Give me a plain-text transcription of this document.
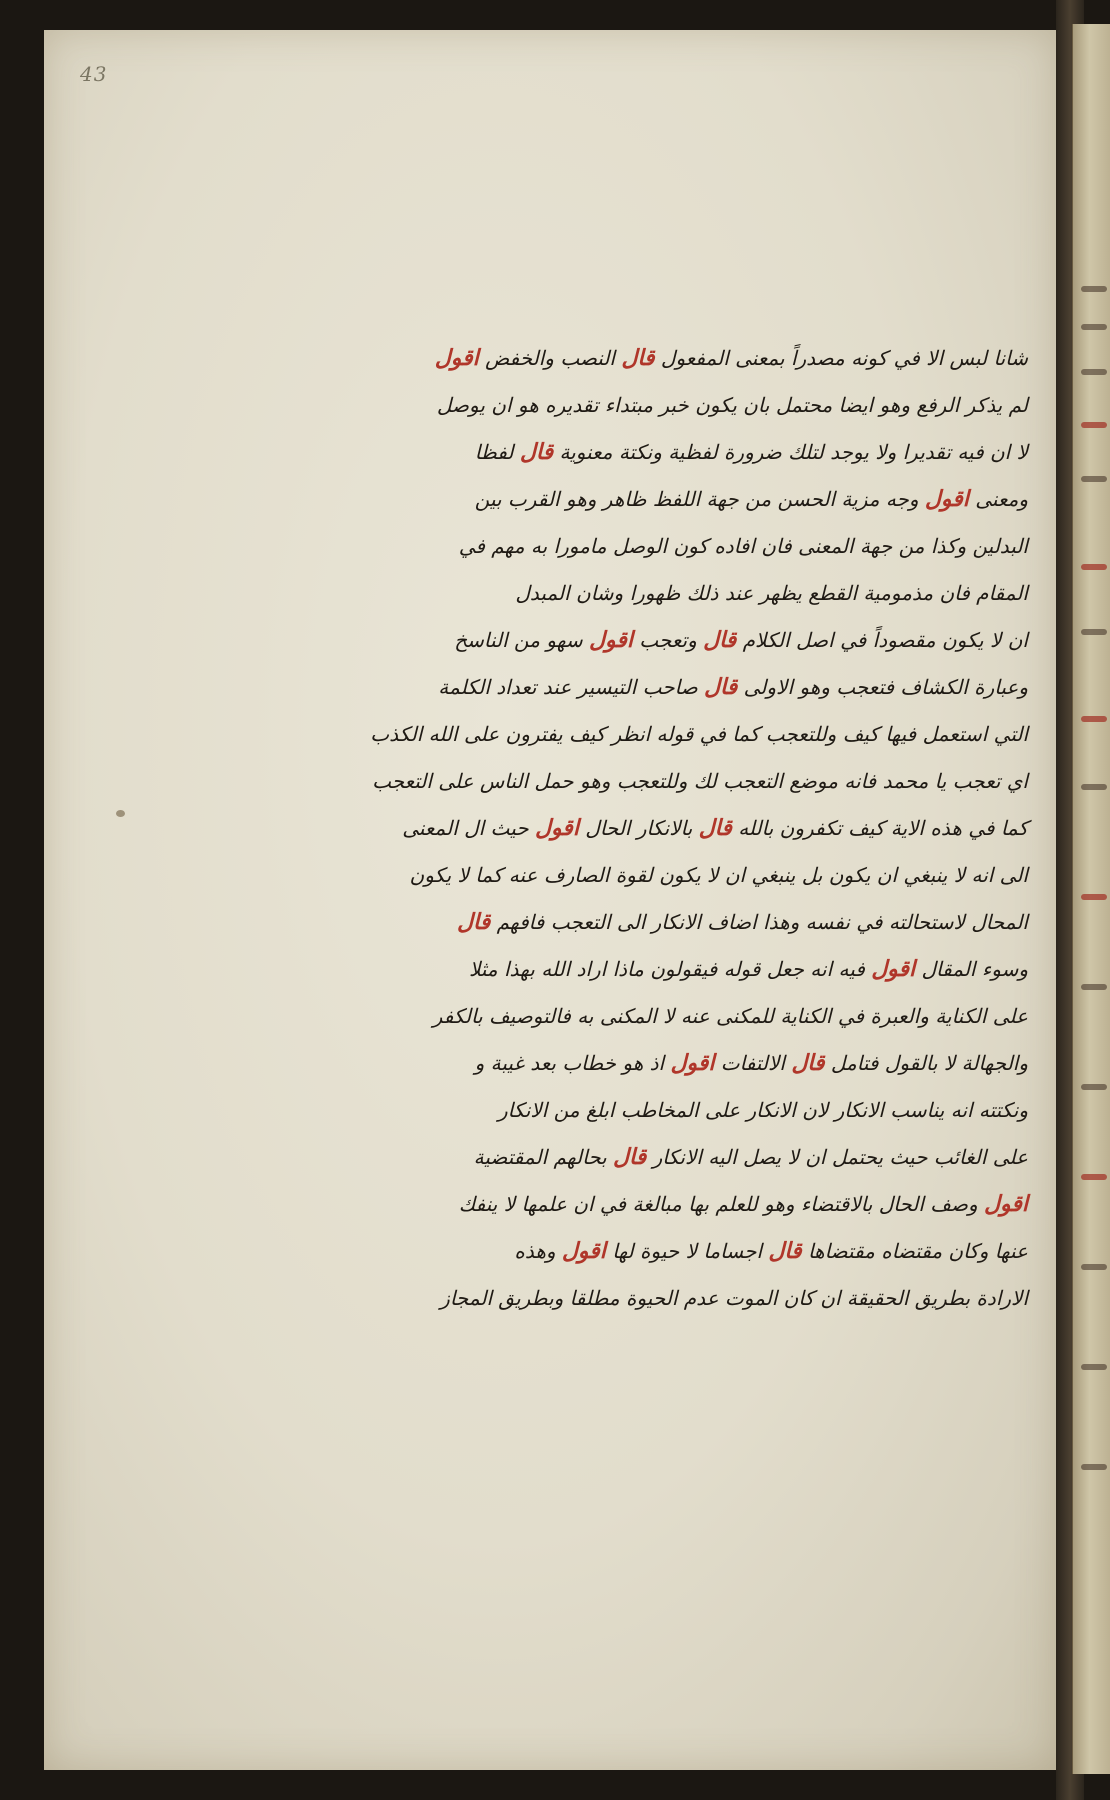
43
شانا لبس الا في كونه مصدراً بمعنى المفعول قال النصب والخفض اقول
لم يذكر الرفع وهو ايضا محتمل بان يكون خبر مبتداء تقديره هو ان يوصل
لا ان فيه تقديرا ولا يوجد لتلك ضرورة لفظية ونكتة معنوية قال لفظا
ومعنى اقول وجه مزية الحسن من جهة اللفظ ظاهر وهو القرب بين
البدلين وكذا من جهة المعنى فان افاده كون الوصل مامورا به مهم في
المقام فان مذمومية القطع يظهر عند ذلك ظهورا وشان المبدل
ان لا يكون مقصوداً في اصل الكلام قال وتعجب اقول سهو من الناسخ
وعبارة الكشاف فتعجب وهو الاولى قال صاحب التيسير عند تعداد الكلمة
التي استعمل فيها كيف وللتعجب كما في قوله انظر كيف يفترون على الله الكذب
اي تعجب يا محمد فانه موضع التعجب لك وللتعجب وهو حمل الناس على التعجب
كما في هذه الاية كيف تكفرون بالله قال بالانكار الحال اقول حيث ال المعنى
الى انه لا ينبغي ان يكون بل ينبغي ان لا يكون لقوة الصارف عنه كما لا يكون
المحال لاستحالته في نفسه وهذا اضاف الانكار الى التعجب فافهم قال
وسوء المقال اقول فيه انه جعل قوله فيقولون ماذا اراد الله بهذا مثلا
على الكناية والعبرة في الكناية للمكنى عنه لا المكنى به فالتوصيف بالكفر
والجهالة لا بالقول فتامل قال الالتفات اقول اذ هو خطاب بعد غيبة و
ونكتته انه يناسب الانكار لان الانكار على المخاطب ابلغ من الانكار
على الغائب حيث يحتمل ان لا يصل اليه الانكار قال بحالهم المقتضية
اقول وصف الحال بالاقتضاء وهو للعلم بها مبالغة في ان علمها لا ينفك
عنها وكان مقتضاه مقتضاها قال اجساما لا حيوة لها اقول وهذه
الارادة بطريق الحقيقة ان كان الموت عدم الحيوة مطلقا وبطريق المجاز
